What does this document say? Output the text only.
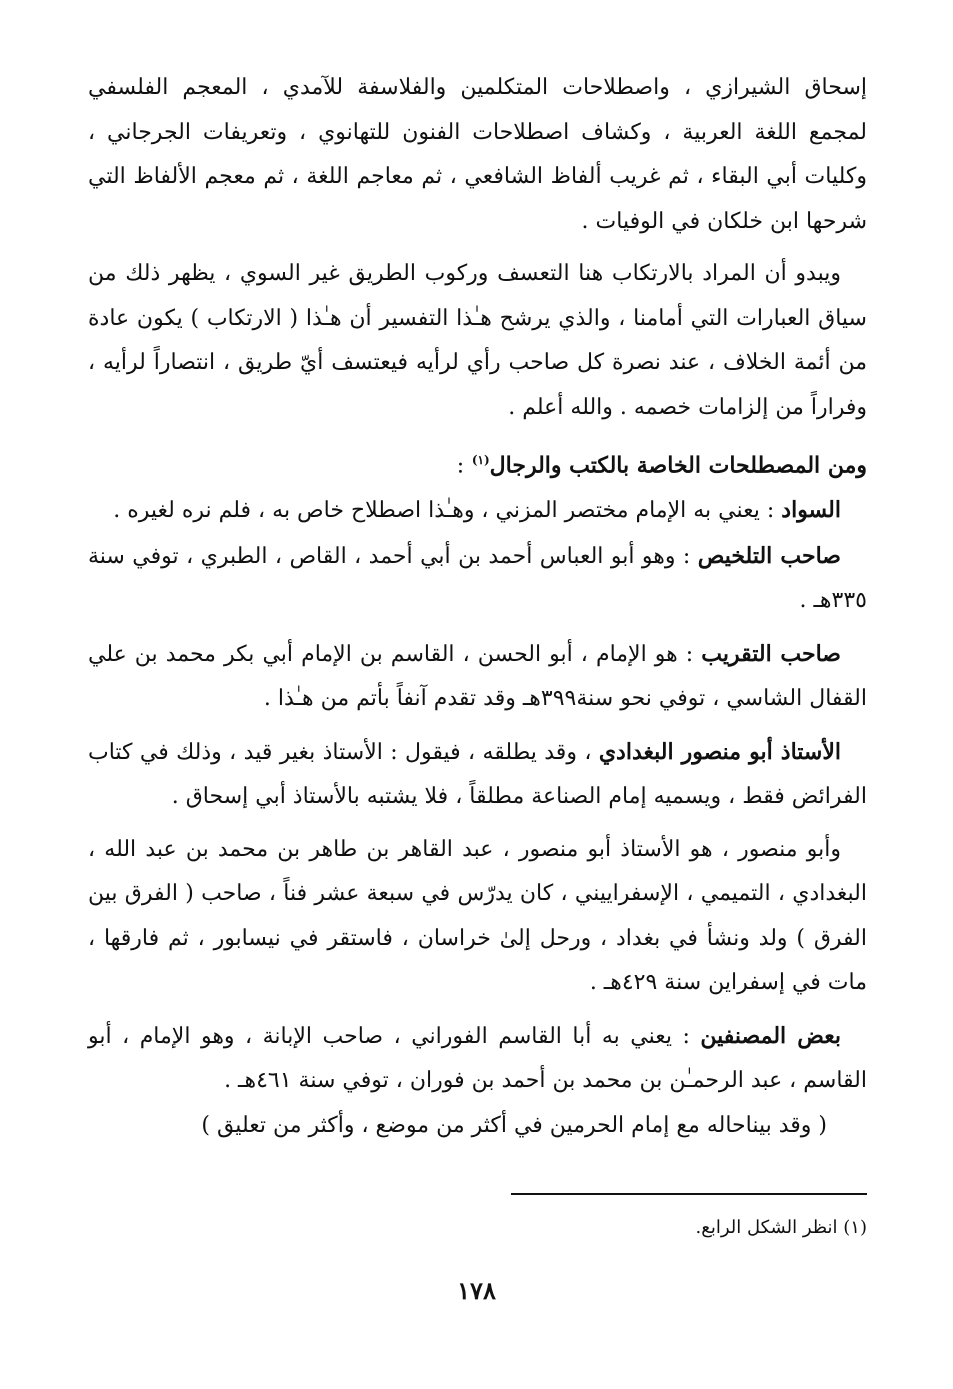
إسحاق الشيرازي ، واصطلاحات المتكلمين والفلاسفة للآمدي ، المعجم الفلسفي لمجمع اللغة العربية ، وكشاف اصطلاحات الفنون للتهانوي ، وتعريفات الجرجاني ، وكليات أبي البقاء ، ثم غريب ألفاظ الشافعي ، ثم معاجم اللغة ، ثم معجم الألفاظ التي شرحها ابن خلكان في الوفيات .

ويبدو أن المراد بالارتكاب هنا التعسف وركوب الطريق غير السوي ، يظهر ذلك من سياق العبارات التي أمامنا ، والذي يرشح هـٰذا التفسير أن هـٰذا ( الارتكاب ) يكون عادة من أئمة الخلاف ، عند نصرة كل صاحب رأي لرأيه فيعتسف أيّ طريق ، انتصاراً لرأيه ، وفراراً من إلزامات خصمه . والله أعلم .

ومن المصطلحات الخاصة بالكتب والرجال$^{(١)}$ :

السواد : يعني به الإمام مختصر المزني ، وهـٰذا اصطلاح خاص به ، فلم نره لغيره .

صاحب التلخيص : وهو أبو العباس أحمد بن أبي أحمد ، القاص ، الطبري ، توفي سنة ٣٣٥هـ .

صاحب التقريب : هو الإمام ، أبو الحسن ، القاسم بن الإمام أبي بكر محمد بن علي القفال الشاسي ، توفي نحو سنة٣٩٩هـ وقد تقدم آنفاً بأتم من هـٰذا .

الأستاذ أبو منصور البغدادي ، وقد يطلقه ، فيقول : الأستاذ بغير قيد ، وذلك في كتاب الفرائض فقط ، ويسميه إمام الصناعة مطلقاً ، فلا يشتبه بالأستاذ أبي إسحاق .

وأبو منصور ، هو الأستاذ أبو منصور ، عبد القاهر بن طاهر بن محمد بن عبد الله ، البغدادي ، التميمي ، الإسفراييني ، كان يدرّس في سبعة عشر فناً ، صاحب ( الفرق بين الفرق ) ولد ونشأ في بغداد ، ورحل إلىٰ خراسان ، فاستقر في نيسابور ، ثم فارقها ، مات في إسفراين سنة ٤٢٩هـ .

بعض المصنفين : يعني به أبا القاسم الفوراني ، صاحب الإبانة ، وهو الإمام ، أبو القاسم ، عبد الرحمـٰن بن محمد بن أحمد بن فوران ، توفي سنة ٤٦١هـ .

( وقد بيناحاله مع إمام الحرمين في أكثر من موضع ، وأكثر من تعليق )

(١) انظر الشكل الرابع.
١٧٨
